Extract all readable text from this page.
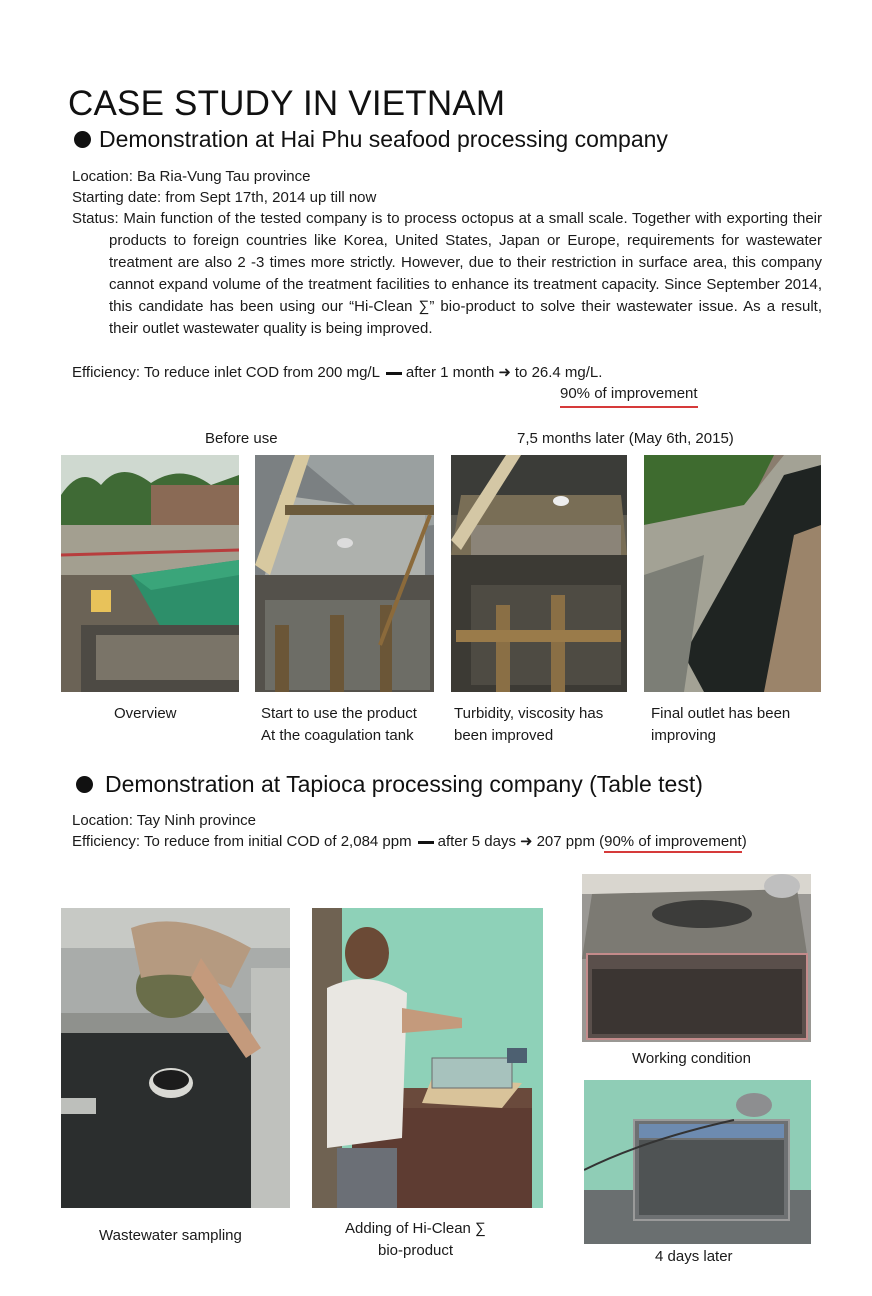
CASE STUDY IN VIETNAM
Demonstration at Hai Phu seafood processing company
Location: Ba Ria-Vung Tau province
Starting date: from Sept 17th, 2014 up till now
Status: Main function of the tested company is to process octopus at a small scale. Together with exporting their products to foreign countries like Korea, United States, Japan or Europe, requirements for wastewater treatment are also 2 -3 times more strictly. However, due to their restriction in surface area, this company cannot expand volume of the treatment facilities to enhance its treatment capacity. Since September 2014, this candidate has been using our “Hi-Clean ∑” bio-product to solve their wastewater issue. As a result, their outlet wastewater quality is being improved.
Efficiency: To reduce inlet COD from 200 mg/L after 1 month ➜ to 26.4 mg/L.
90% of improvement
Before use	7,5 months later (May 6th, 2015)
Overview	Start to use the product
At the coagulation tank
Turbidity, viscosity has
been improved
Final outlet has been
improving
Demonstration at Tapioca processing company (Table test)
Location: Tay Ninh province
Efficiency: To reduce from initial COD of 2,084 ppm after 5 days ➜ 207 ppm (90% of improvement)
Wastewater sampling	Adding of Hi-Clean ∑
bio-product
Working condition
4 days later
